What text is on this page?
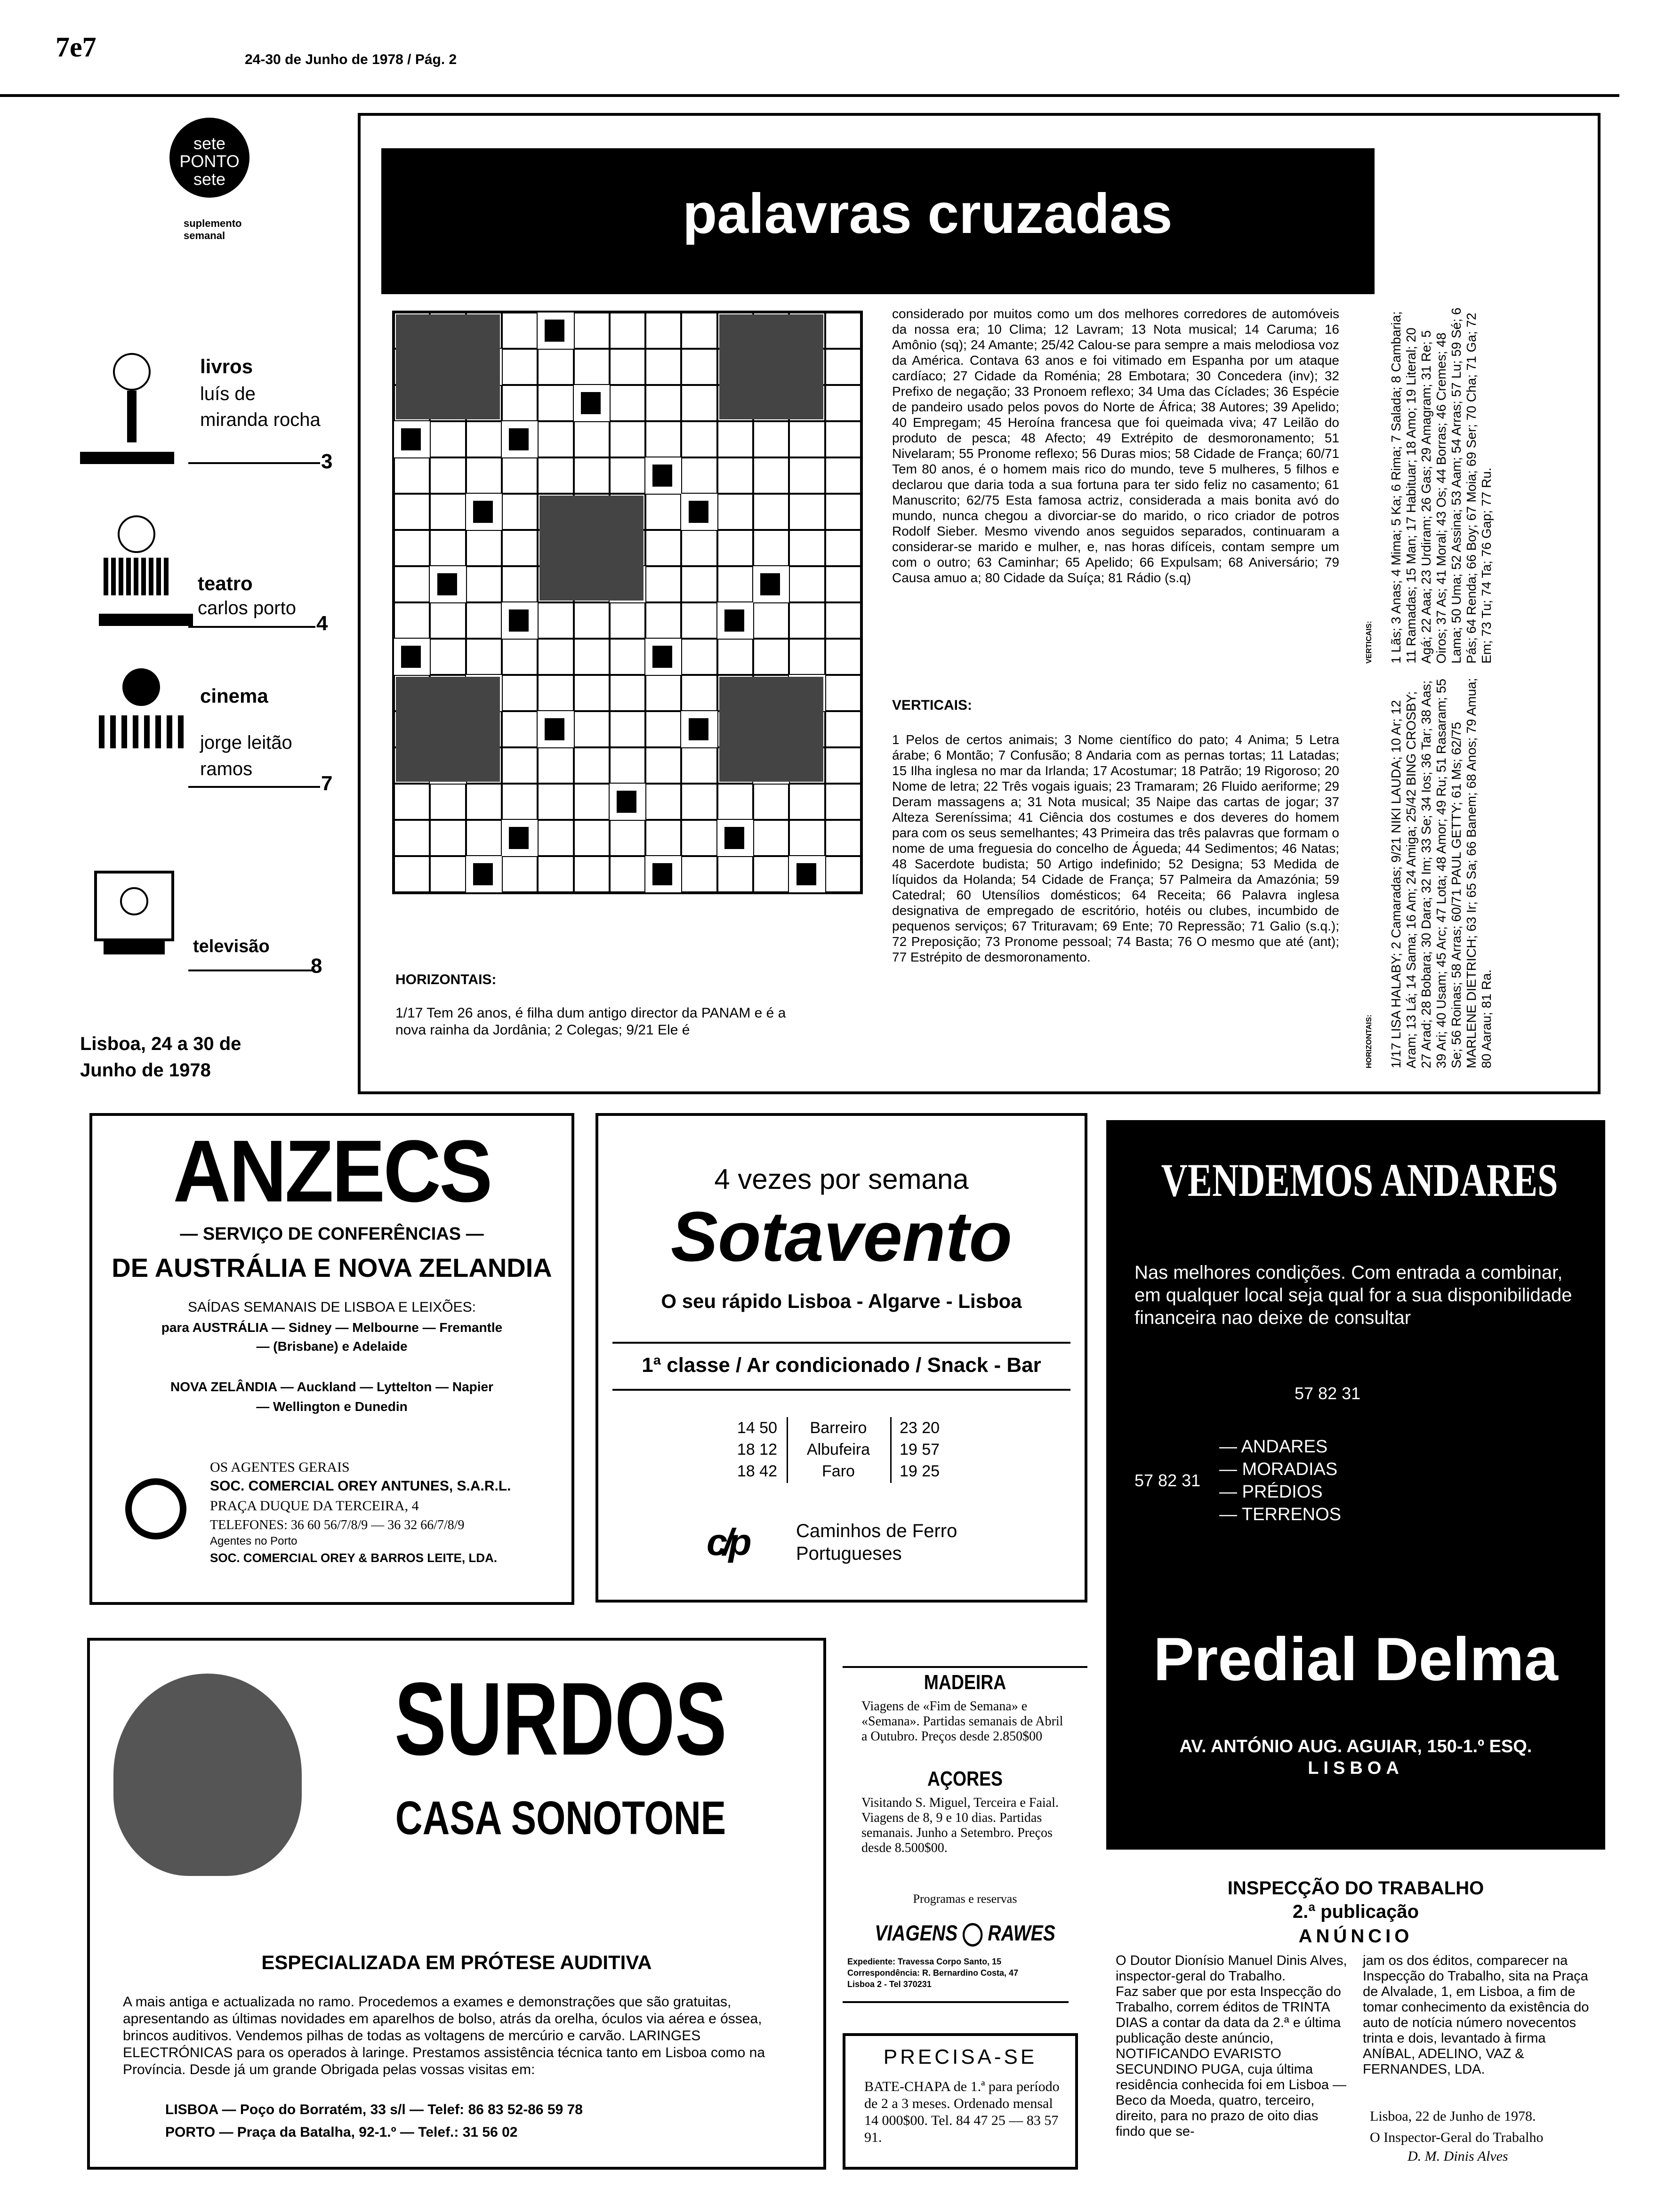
7e7	24-30 de Junho de 1978 / Pág. 2
sete
PONTO
sete
suplemento semanal
livros
luís de miranda rocha
3
teatro
carlos porto
4
cinema
jorge leitão ramos
7
televisão
8
Lisboa, 24 a 30 de Junho de 1978
palavras cruzadas
HORIZONTAIS:
1/17 Tem 26 anos, é filha dum antigo director da PANAM e é a nova rainha da Jordânia; 2 Colegas; 9/21 Ele é
considerado por muitos como um dos melhores corredores de automóveis da nossa era; 10 Clima; 12 Lavram; 13 Nota musical; 14 Caruma; 16 Amônio (sq); 24 Amante; 25/42 Calou-se para sempre a mais melodiosa voz da América. Contava 63 anos e foi vitimado em Espanha por um ataque cardíaco; 27 Cidade da Roménia; 28 Embotara; 30 Concedera (inv); 32 Prefixo de negação; 33 Pronoem reflexo; 34 Uma das Cíclades; 36 Espécie de pandeiro usado pelos povos do Norte de África; 38 Autores; 39 Apelido; 40 Empregam; 45 Heroína francesa que foi queimada viva; 47 Leilão do produto de pesca; 48 Afecto; 49 Extrépito de desmoronamento; 51 Nivelaram; 55 Pronome reflexo; 56 Duras mios; 58 Cidade de França; 60/71 Tem 80 anos, é o homem mais rico do mundo, teve 5 mulheres, 5 filhos e declarou que daria toda a sua fortuna para ter sido feliz no casamento; 61 Manuscrito; 62/75 Esta famosa actriz, considerada a mais bonita avó do mundo, nunca chegou a divorciar-se do marido, o rico criador de potros Rodolf Sieber. Mesmo vivendo anos seguidos separados, continuaram a considerar-se marido e mulher, e, nas horas difíceis, contam sempre um com o outro; 63 Caminhar; 65 Apelido; 66 Expulsam; 68 Aniversário; 79 Causa amuo a; 80 Cidade da Suíça; 81 Rádio (s.q)
VERTICAIS:
1 Pelos de certos animais; 3 Nome científico do pato; 4 Anima; 5 Letra árabe; 6 Montão; 7 Confusão; 8 Andaria com as pernas tortas; 11 Latadas; 15 Ilha inglesa no mar da Irlanda; 17 Acostumar; 18 Patrão; 19 Rigoroso; 20 Nome de letra; 22 Três vogais iguais; 23 Tramaram; 26 Fluido aeriforme; 29 Deram massagens a; 31 Nota musical; 35 Naipe das cartas de jogar; 37 Alteza Sereníssima; 41 Ciência dos costumes e dos deveres do homem para com os seus semelhantes; 43 Primeira das três palavras que formam o nome de uma freguesia do concelho de Águeda; 44 Sedimentos; 46 Natas; 48 Sacerdote budista; 50 Artigo indefinido; 52 Designa; 53 Medida de líquidos da Holanda; 54 Cidade de França; 57 Palmeira da Amazónia; 59 Catedral; 60 Utensílios domésticos; 64 Receita; 66 Palavra inglesa designativa de empregado de escritório, hotéis ou clubes, incumbido de pequenos serviços; 67 Trituravam; 69 Ente; 70 Repressão; 71 Galio (s.q.); 72 Preposição; 73 Pronome pessoal; 74 Basta; 76 O mesmo que até (ant); 77 Estrépito de desmoronamento.
VERTICAIS: 1 Lãs; 3 Anas; 4 Mima; 5 Ka; 6 Rima; 7 Salada; 8 Cambaria; 11 Ramadas; 15 Man; 17 Habituar; 18 Amo; 19 Literal; 20 Agá; 22 Aaa; 23 Urdiram; 26 Gas; 29 Amagram; 31 Re; 5 Oiros; 37 As; 41 Moral; 43 Os; 44 Borras; 46 Cremes; 48 Lama; 50 Uma; 52 Assina; 53 Aam; 54 Arras; 57 Lu; 59 Sé; 6 Pás; 64 Renda; 66 Boy; 67 Moia; 69 Ser; 70 Cha; 71 Ga; 72 Em; 73 Tu; 74 Ta; 76 Gap; 77 Ru.
HORIZONTAIS: 1/17 LISA HALABY; 2 Camaradas; 9/21 NIKI LAUDA; 10 Ar; 12 Aram; 13 Lá; 14 Sama; 16 Am; 24 Amiga; 25/42 BING CROSBY; 27 Arad; 28 Bobara; 30 Dara; 32 Im; 33 Se; 34 Ios; 36 Tar; 38 Aas; 39 Ari; 40 Usam; 45 Arc; 47 Lota; 48 Amor; 49 Ru; 51 Rasaram; 55 Se; 56 Roinas; 58 Arras; 60/71 PAUL GETTY; 61 Ms; 62/75 MARLENE DIETRICH; 63 Ir; 65 Sa; 66 Banem; 68 Anos; 79 Amua; 80 Aarau; 81 Ra.
ANZECS
— SERVIÇO DE CONFERÊNCIAS —
DE AUSTRÁLIA E NOVA ZELANDIA
SAÍDAS SEMANAIS DE LISBOA E LEIXÕES:
para AUSTRÁLIA — Sidney — Melbourne — Fremantle
— (Brisbane) e Adelaide
NOVA ZELÂNDIA — Auckland — Lyttelton — Napier
— Wellington e Dunedin
OS AGENTES GERAIS
SOC. COMERCIAL OREY ANTUNES, S.A.R.L.
PRAÇA DUQUE DA TERCEIRA, 4
TELEFONES: 36 60 56/7/8/9 — 36 32 66/7/8/9
Agentes no Porto
SOC. COMERCIAL OREY & BARROS LEITE, LDA.
4 vezes por semana
Sotavento
O seu rápido Lisboa - Algarve - Lisboa
1ª classe / Ar condicionado / Snack - Bar
14 50
18 12
18 42
Barreiro
Albufeira
Faro
23 20
19 57
19 25
c/p	Caminhos de Ferro
Portugueses
VENDEMOS ANDARES
Nas melhores condições. Com entrada a combinar, em qualquer local seja qual for a sua disponibilidade financeira nao deixe de consultar
57 82 31
57 82 31
— ANDARES
— MORADIAS
— PRÉDIOS
— TERRENOS
Predial Delma
AV. ANTÓNIO AUG. AGUIAR, 150-1.º ESQ.
LISBOA
SURDOS
CASA SONOTONE
ESPECIALIZADA EM PRÓTESE AUDITIVA
A mais antiga e actualizada no ramo. Procedemos a exames e demonstrações que são gratuitas, apresentando as últimas novidades em aparelhos de bolso, atrás da orelha, óculos via aérea e óssea, brincos auditivos. Vendemos pilhas de todas as voltagens de mercúrio e carvão. LARINGES ELECTRÓNICAS para os operados à laringe. Prestamos assistência técnica tanto em Lisboa como na Província. Desde já um grande Obrigada pelas vossas visitas em:
LISBOA — Poço do Borratém, 33 s/l — Telef: 86 83 52-86 59 78
PORTO — Praça da Batalha, 92-1.º — Telef.: 31 56 02
MADEIRA
Viagens de «Fim de Semana» e «Semana». Partidas semanais de Abril a Outubro. Preços desde 2.850$00
AÇORES
Visitando S. Miguel, Terceira e Faial. Viagens de 8, 9 e 10 dias. Partidas semanais. Junho a Setembro. Preços desde 8.500$00.
Programas e reservas
VIAGENS RAWES
Expediente: Travessa Corpo Santo, 15
Correspondência: R. Bernardino Costa, 47
Lisboa 2 - Tel 370231
PRECISA-SE
BATE-CHAPA de 1.ª para período de 2 a 3 meses. Ordenado mensal 14 000$00. Tel. 84 47 25 — 83 57 91.
INSPECÇÃO DO TRABALHO
2.ª publicação
ANÚNCIO
O Doutor Dionísio Manuel Dinis Alves, inspector-geral do Trabalho.
Faz saber que por esta Inspecção do Trabalho, correm éditos de TRINTA DIAS a contar da data da 2.ª e última publicação deste anúncio, NOTIFICANDO EVARISTO SECUNDINO PUGA, cuja última residência conhecida foi em Lisboa — Beco da Moeda, quatro, terceiro, direito, para no prazo de oito dias findo que se-
jam os dos éditos, comparecer na Inspecção do Trabalho, sita na Praça de Alvalade, 1, em Lisboa, a fim de tomar conhecimento da existência do auto de notícia número novecentos trinta e dois, levantado à firma ANÍBAL, ADELINO, VAZ & FERNANDES, LDA.
Lisboa, 22 de Junho de 1978.
O Inspector-Geral do Trabalho
D. M. Dinis Alves
